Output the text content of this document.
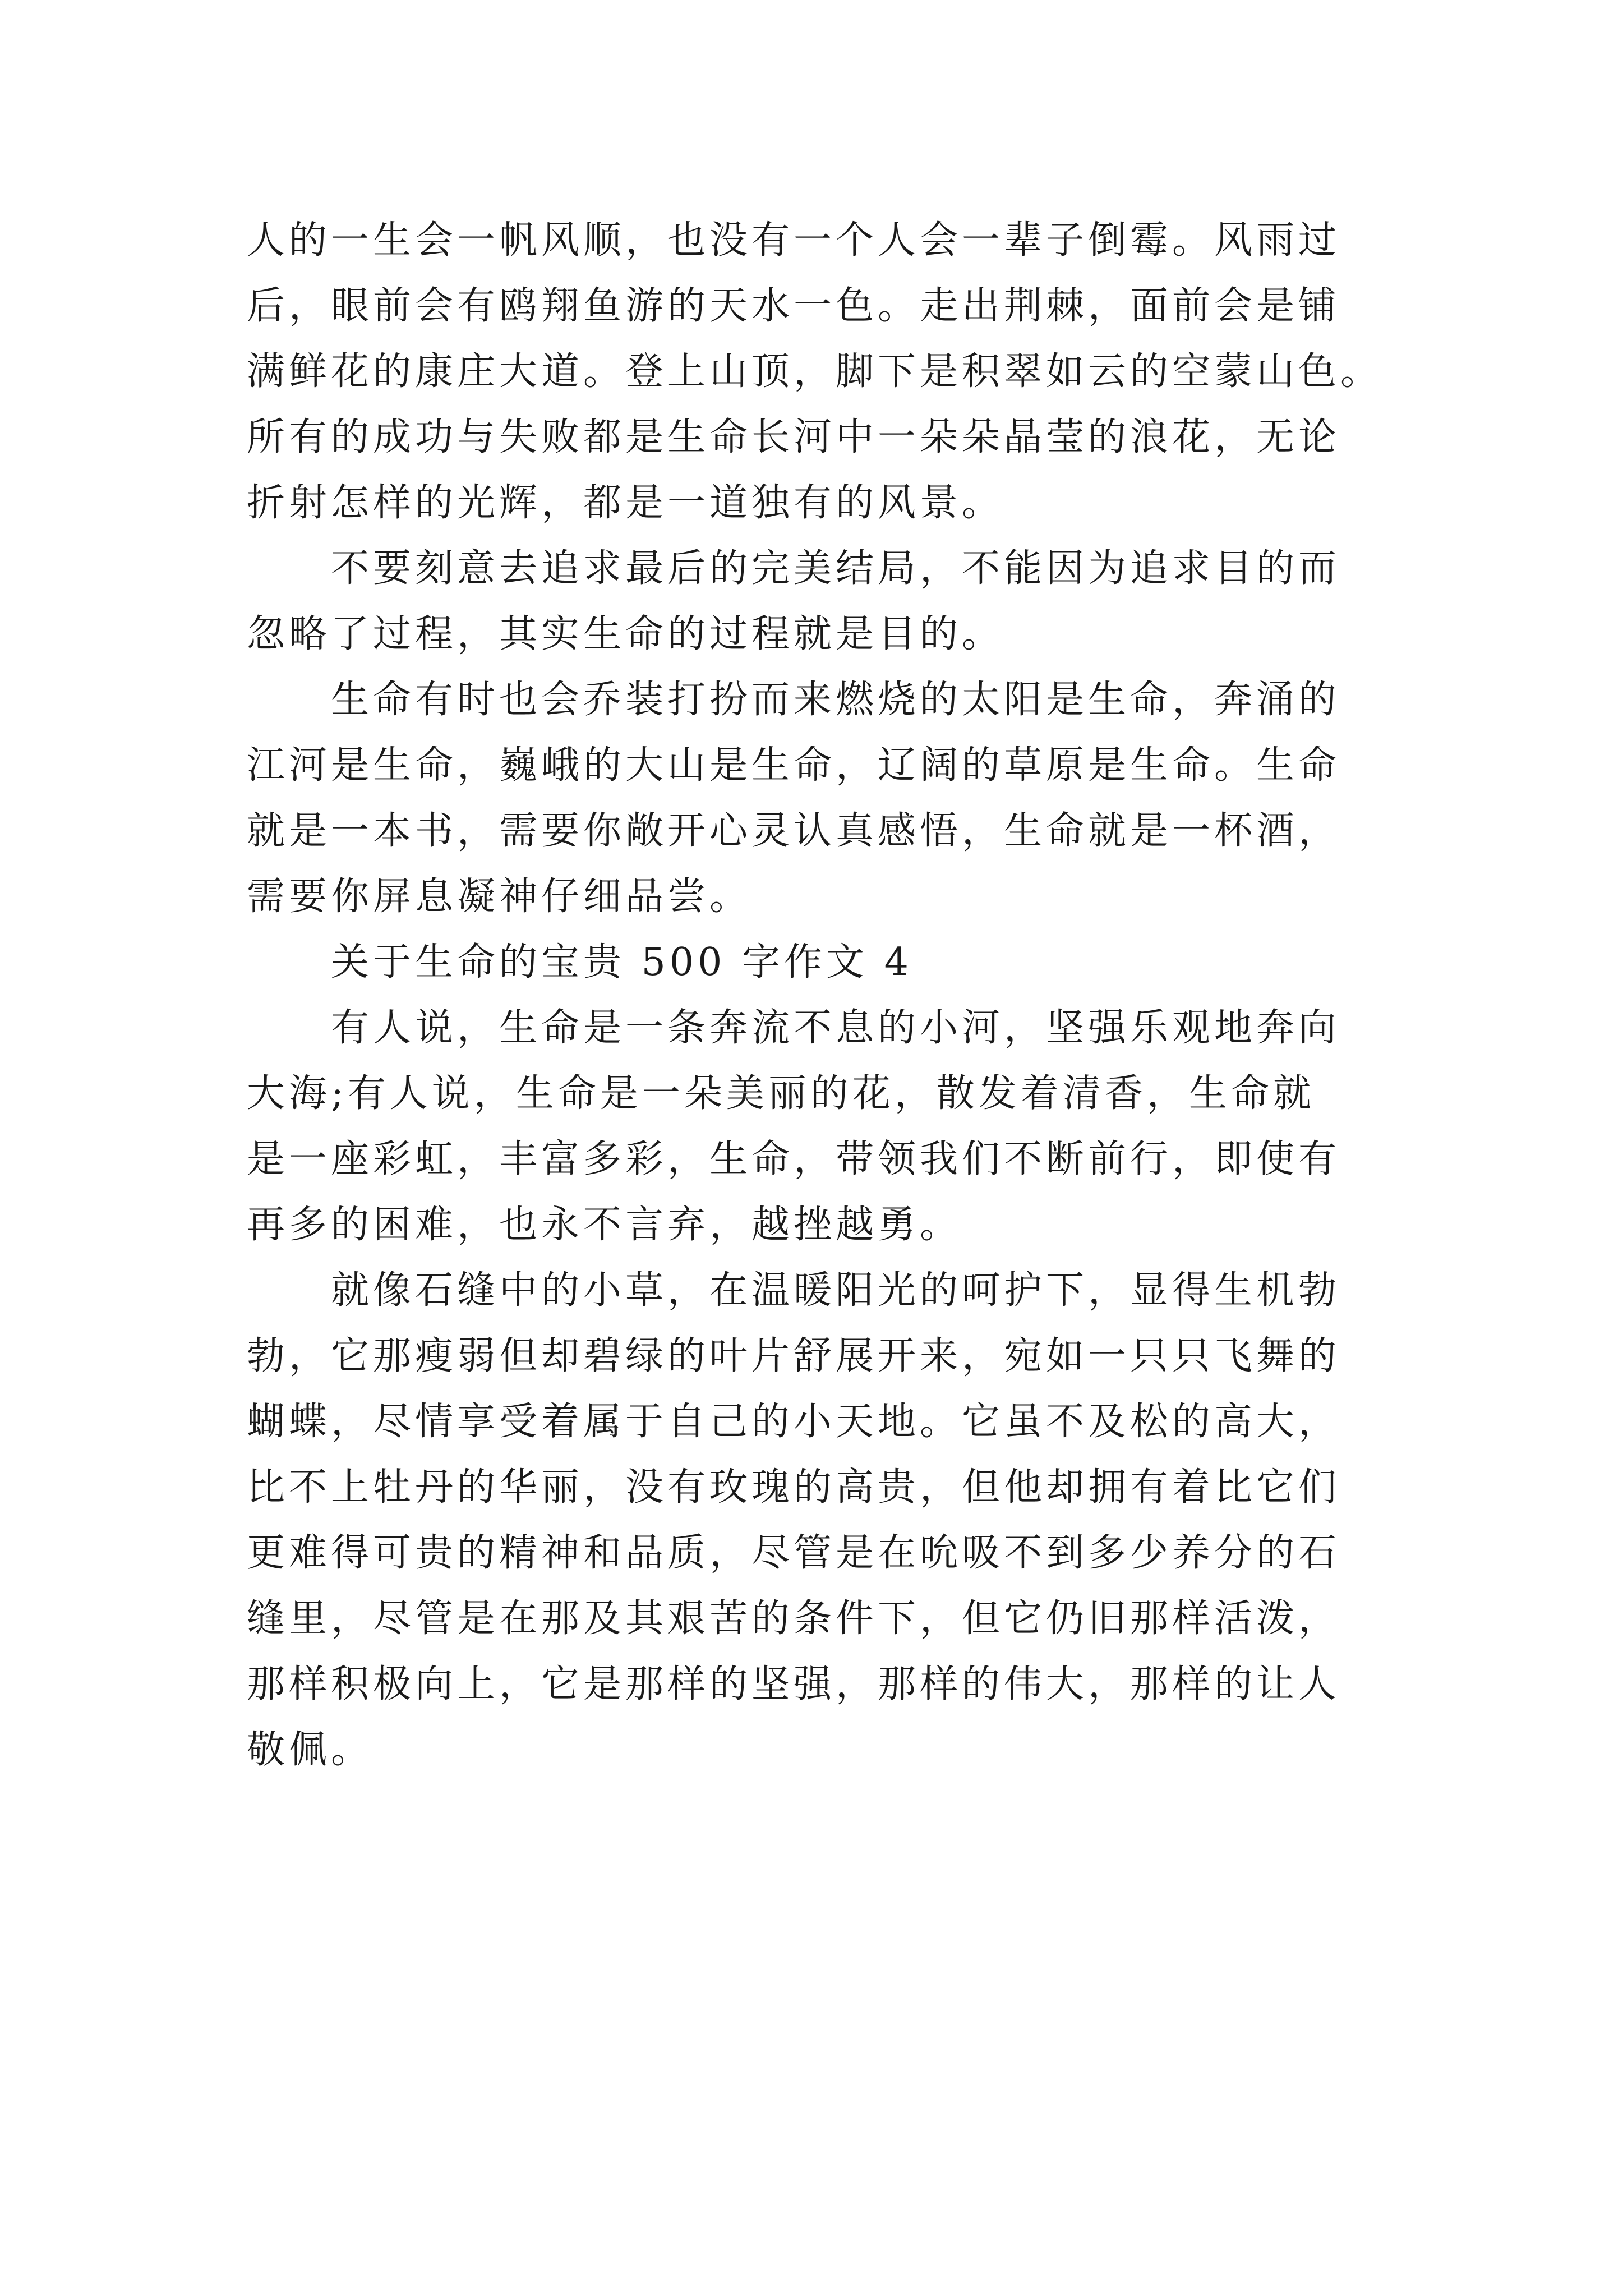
人的一生会一帆风顺，也没有一个人会一辈子倒霉。风雨过
后，眼前会有鸥翔鱼游的天水一色。走出荆棘，面前会是铺
满鲜花的康庄大道。登上山顶，脚下是积翠如云的空蒙山色。
所有的成功与失败都是生命长河中一朵朵晶莹的浪花，无论
折射怎样的光辉，都是一道独有的风景。
　　不要刻意去追求最后的完美结局，不能因为追求目的而
忽略了过程，其实生命的过程就是目的。
　　生命有时也会乔装打扮而来燃烧的太阳是生命，奔涌的
江河是生命，巍峨的大山是生命，辽阔的草原是生命。生命
就是一本书，需要你敞开心灵认真感悟，生命就是一杯酒，
需要你屏息凝神仔细品尝。
　　关于生命的宝贵 500 字作文 4
　　有人说，生命是一条奔流不息的小河，坚强乐观地奔向
大海;有人说，生命是一朵美丽的花，散发着清香，生命就
是一座彩虹，丰富多彩，生命，带领我们不断前行，即使有
再多的困难，也永不言弃，越挫越勇。
　　就像石缝中的小草，在温暖阳光的呵护下，显得生机勃
勃，它那瘦弱但却碧绿的叶片舒展开来，宛如一只只飞舞的
蝴蝶，尽情享受着属于自己的小天地。它虽不及松的高大，
比不上牡丹的华丽，没有玫瑰的高贵，但他却拥有着比它们
更难得可贵的精神和品质，尽管是在吮吸不到多少养分的石
缝里，尽管是在那及其艰苦的条件下，但它仍旧那样活泼，
那样积极向上，它是那样的坚强，那样的伟大，那样的让人
敬佩。
